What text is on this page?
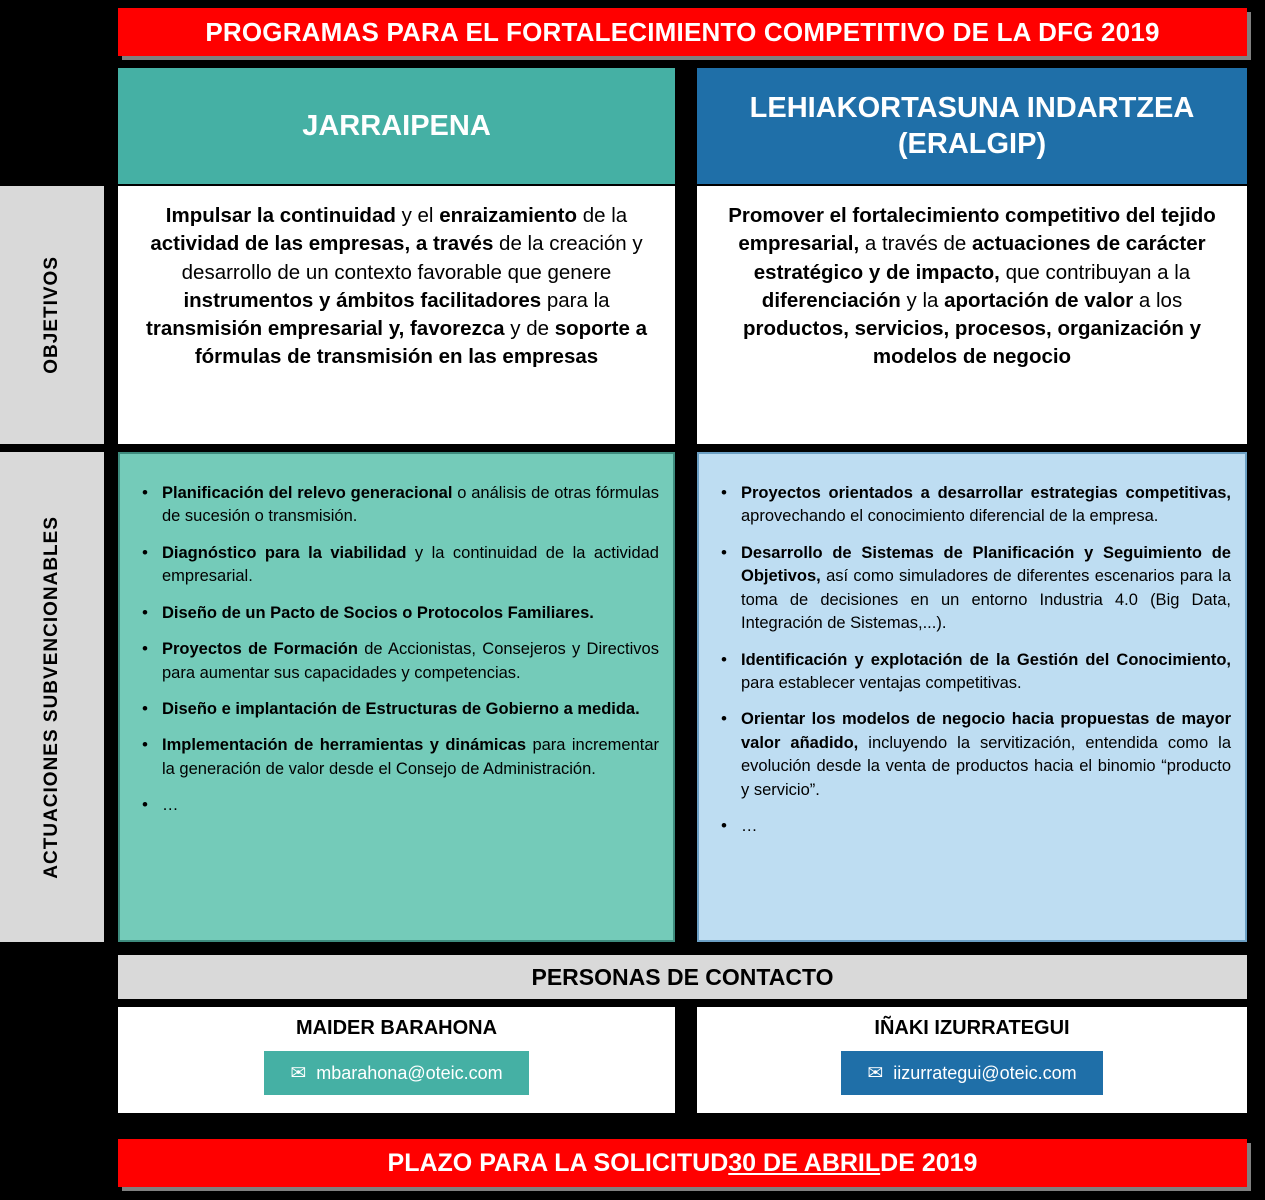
PROGRAMAS PARA EL FORTALECIMIENTO COMPETITIVO DE LA DFG 2019
JARRAIPENA
LEHIAKORTASUNA INDARTZEA (ERALGIP)
OBJETIVOS
ACTUACIONES SUBVENCIONABLES
Impulsar la continuidad y el enraizamiento de la actividad de las empresas, a través de la creación y desarrollo de un contexto favorable que genere instrumentos y ámbitos facilitadores para la transmisión empresarial y, favorezca y de soporte a fórmulas de transmisión en las empresas
Promover el fortalecimiento competitivo del tejido empresarial, a través de actuaciones de carácter estratégico y de impacto, que contribuyan a la diferenciación y la aportación de valor a los productos, servicios, procesos, organización y modelos de negocio
• Planificación del relevo generacional o análisis de otras fórmulas de sucesión o transmisión.
• Diagnóstico para la viabilidad y la continuidad de la actividad empresarial.
• Diseño de un Pacto de Socios o Protocolos Familiares.
• Proyectos de Formación de Accionistas, Consejeros y Directivos para aumentar sus capacidades y competencias.
• Diseño e implantación de Estructuras de Gobierno a medida.
• Implementación de herramientas y dinámicas para incrementar la generación de valor desde el Consejo de Administración.
• …
• Proyectos orientados a desarrollar estrategias competitivas, aprovechando el conocimiento diferencial de la empresa.
• Desarrollo de Sistemas de Planificación y Seguimiento de Objetivos, así como simuladores de diferentes escenarios para la toma de decisiones en un entorno Industria 4.0 (Big Data, Integración de Sistemas,...).
• Identificación y explotación de la Gestión del Conocimiento, para establecer ventajas competitivas.
• Orientar los modelos de negocio hacia propuestas de mayor valor añadido, incluyendo la servitización, entendida como la evolución desde la venta de productos hacia el binomio “producto y servicio”.
• …
PERSONAS DE CONTACTO
MAIDER BARAHONA
✉ mbarahona@oteic.com
IÑAKI IZURRATEGUI
✉ iizurrategui@oteic.com
PLAZO PARA LA SOLICITUD 30 DE ABRIL DE 2019
